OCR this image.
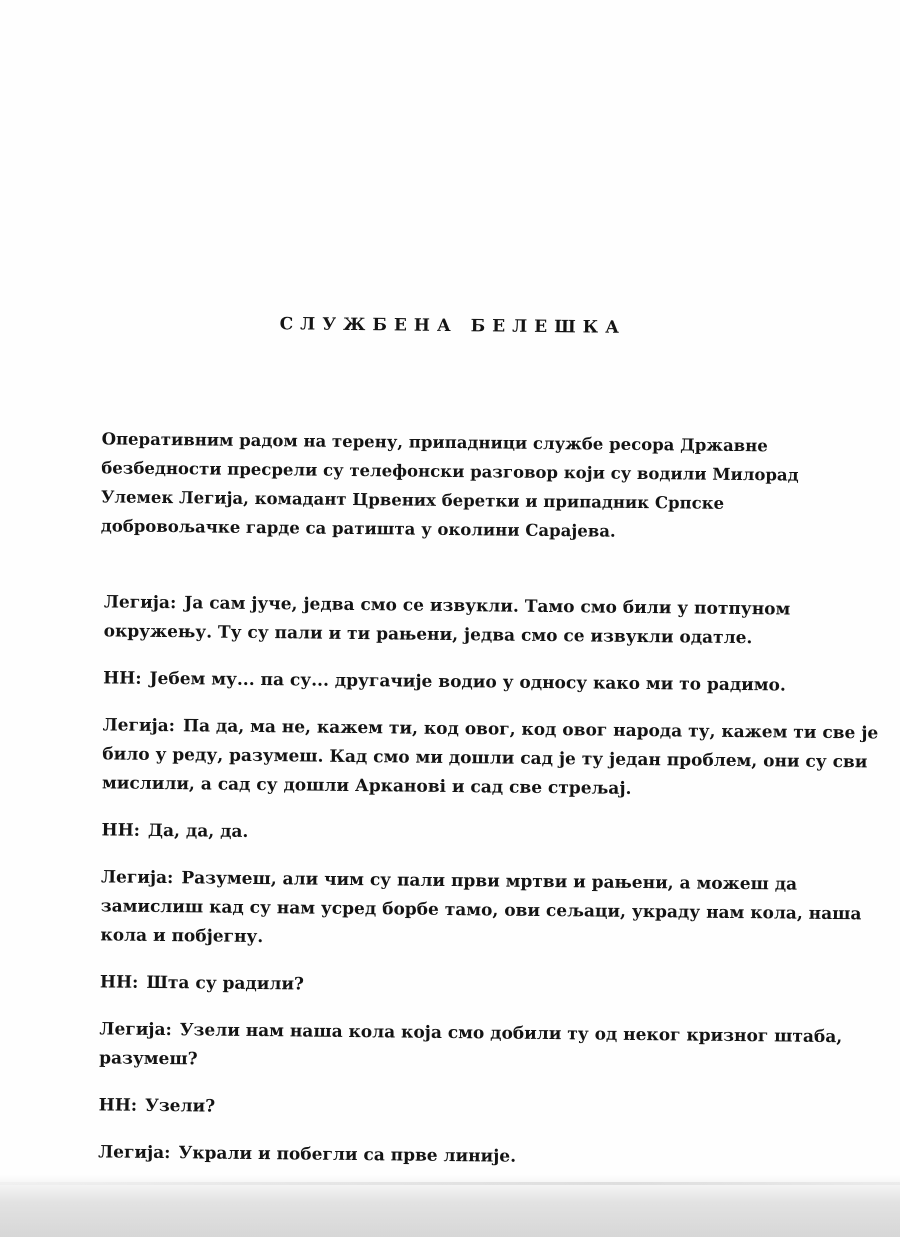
СЛУЖБЕНА БЕЛЕШКА
Оперативним радом на терену, припадници службе ресора Државне
безбедности пресрели су телефонски разговор који су водили Милорад
Улемек Легија, комадант Црвених беретки и припадник Српске
добровољачке гарде са ратишта у околини Сарајева.
Легија: Ја сам јуче, једва смо се извукли. Тамо смо били у потпуном
окружењу. Ту су пали и ти рањени, једва смо се извукли одатле.
НН: Јебем му... па су... другачије водио у односу како ми то радимо.
Легија: Па да, ма не, кажем ти, код овог, код овог народа ту, кажем ти све је
било у реду, разумеш. Кад смо ми дошли сад је ту један проблем, они су сви
мислили, а сад су дошли Аркановi и сад све стрељај.
НН: Да, да, да.
Легија: Разумеш, али чим су пали први мртви и рањени, а можеш да
замислиш кад су нам усред борбе тамо, ови сељаци, украду нам кола, наша
кола и побјегну.
НН: Шта су радили?
Легија: Узели нам наша кола која смо добили ту од неког кризног штаба,
разумеш?
НН: Узели?
Легија: Украли и побегли са прве линије.
